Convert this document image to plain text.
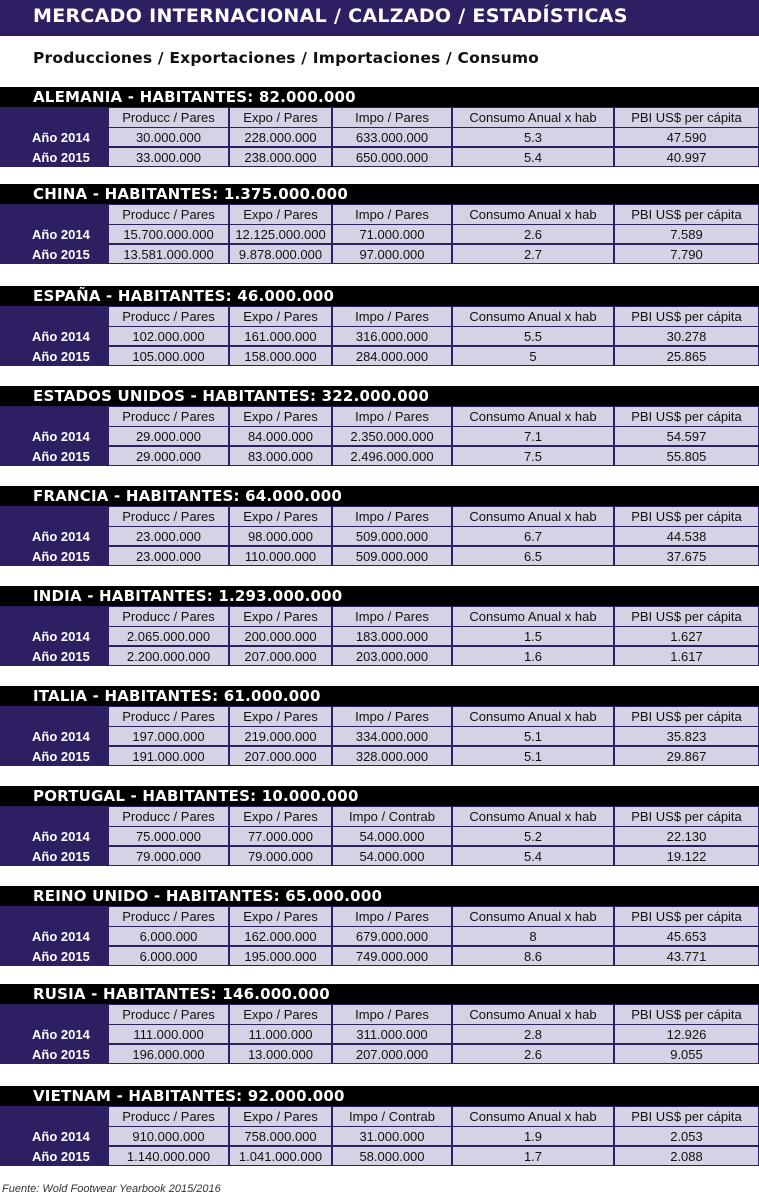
MERCADO INTERNACIONAL / CALZADO / ESTADÍSTICAS
Producciones / Exportaciones / Importaciones / Consumo
ALEMANIA - HABITANTES: 82.000.000
Producc / Pares	Expo / Pares	Impo / Pares	Consumo Anual x hab	PBI US$ per cápita
Año 2014	30.000.000	228.000.000	633.000.000	5.3	47.590
Año 2015	33.000.000	238.000.000	650.000.000	5.4	40.997
CHINA - HABITANTES: 1.375.000.000
Producc / Pares	Expo / Pares	Impo / Pares	Consumo Anual x hab	PBI US$ per cápita
Año 2014	15.700.000.000	12.125.000.000	71.000.000	2.6	7.589
Año 2015	13.581.000.000	9.878.000.000	97.000.000	2.7	7.790
ESPAÑA - HABITANTES: 46.000.000
Producc / Pares	Expo / Pares	Impo / Pares	Consumo Anual x hab	PBI US$ per cápita
Año 2014	102.000.000	161.000.000	316.000.000	5.5	30.278
Año 2015	105.000.000	158.000.000	284.000.000	5	25.865
ESTADOS UNIDOS - HABITANTES: 322.000.000
Producc / Pares	Expo / Pares	Impo / Pares	Consumo Anual x hab	PBI US$ per cápita
Año 2014	29.000.000	84.000.000	2.350.000.000	7.1	54.597
Año 2015	29.000.000	83.000.000	2.496.000.000	7.5	55.805
FRANCIA - HABITANTES: 64.000.000
Producc / Pares	Expo / Pares	Impo / Pares	Consumo Anual x hab	PBI US$ per cápita
Año 2014	23.000.000	98.000.000	509.000.000	6.7	44.538
Año 2015	23.000.000	110.000.000	509.000.000	6.5	37.675
INDIA - HABITANTES: 1.293.000.000
Producc / Pares	Expo / Pares	Impo / Pares	Consumo Anual x hab	PBI US$ per cápita
Año 2014	2.065.000.000	200.000.000	183.000.000	1.5	1.627
Año 2015	2.200.000.000	207.000.000	203.000.000	1.6	1.617
ITALIA - HABITANTES: 61.000.000
Producc / Pares	Expo / Pares	Impo / Pares	Consumo Anual x hab	PBI US$ per cápita
Año 2014	197.000.000	219.000.000	334.000.000	5.1	35.823
Año 2015	191.000.000	207.000.000	328.000.000	5.1	29.867
PORTUGAL - HABITANTES: 10.000.000
Producc / Pares	Expo / Pares	Impo / Contrab	Consumo Anual x hab	PBI US$ per cápita
Año 2014	75.000.000	77.000.000	54.000.000	5.2	22.130
Año 2015	79.000.000	79.000.000	54.000.000	5.4	19.122
REINO UNIDO - HABITANTES: 65.000.000
Producc / Pares	Expo / Pares	Impo / Pares	Consumo Anual x hab	PBI US$ per cápita
Año 2014	6.000.000	162.000.000	679.000.000	8	45.653
Año 2015	6.000.000	195.000.000	749.000.000	8.6	43.771
RUSIA - HABITANTES: 146.000.000
Producc / Pares	Expo / Pares	Impo / Pares	Consumo Anual x hab	PBI US$ per cápita
Año 2014	111.000.000	11.000.000	311.000.000	2.8	12.926
Año 2015	196.000.000	13.000.000	207.000.000	2.6	9.055
VIETNAM - HABITANTES: 92.000.000
Producc / Pares	Expo / Pares	Impo / Contrab	Consumo Anual x hab	PBI US$ per cápita
Año 2014	910.000.000	758.000.000	31.000.000	1.9	2.053
Año 2015	1.140.000.000	1.041.000.000	58.000.000	1.7	2.088
Fuente: Wold Footwear Yearbook 2015/2016
